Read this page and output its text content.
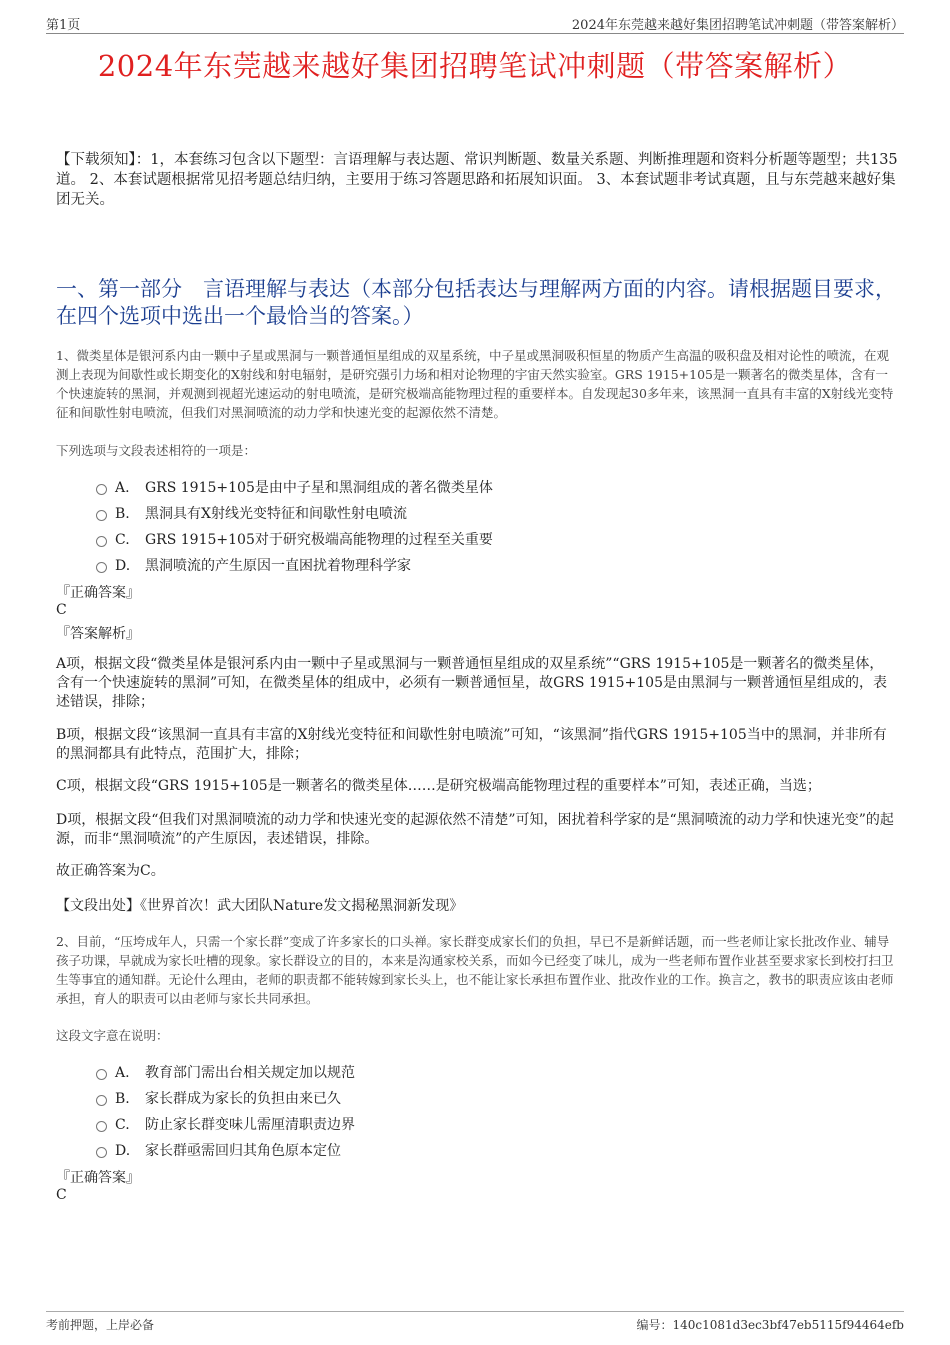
第1页	2024年东莞越来越好集团招聘笔试冲刺题（带答案解析）
2024年东莞越来越好集团招聘笔试冲刺题（带答案解析）
【下载须知】：1，本套练习包含以下题型：言语理解与表达题、常识判断题、数量关系题、判断推理题和资料分析题等题型；共135道。 2、本套试题根据常见招考题总结归纳，主要用于练习答题思路和拓展知识面。 3、本套试题非考试真题，且与东莞越来越好集团无关。
一、第一部分　言语理解与表达（本部分包括表达与理解两方面的内容。请根据题目要求，在四个选项中选出一个最恰当的答案。）
1、微类星体是银河系内由一颗中子星或黑洞与一颗普通恒星组成的双星系统，中子星或黑洞吸积恒星的物质产生高温的吸积盘及相对论性的喷流，在观测上表现为间歇性或长期变化的X射线和射电辐射，是研究强引力场和相对论物理的宇宙天然实验室。GRS 1915+105是一颗著名的微类星体，含有一个快速旋转的黑洞，并观测到视超光速运动的射电喷流，是研究极端高能物理过程的重要样本。自发现起30多年来，该黑洞一直具有丰富的X射线光变特征和间歇性射电喷流，但我们对黑洞喷流的动力学和快速光变的起源依然不清楚。
下列选项与文段表述相符的一项是：
A. GRS 1915+105是由中子星和黑洞组成的著名微类星体
B. 黑洞具有X射线光变特征和间歇性射电喷流
C. GRS 1915+105对于研究极端高能物理的过程至关重要
D. 黑洞喷流的产生原因一直困扰着物理科学家
『正确答案』
C
『答案解析』
A项，根据文段“微类星体是银河系内由一颗中子星或黑洞与一颗普通恒星组成的双星系统”“GRS 1915+105是一颗著名的微类星体，含有一个快速旋转的黑洞”可知，在微类星体的组成中，必须有一颗普通恒星，故GRS 1915+105是由黑洞与一颗普通恒星组成的，表述错误，排除；
B项，根据文段“该黑洞一直具有丰富的X射线光变特征和间歇性射电喷流”可知，“该黑洞”指代GRS 1915+105当中的黑洞，并非所有的黑洞都具有此特点，范围扩大，排除；
C项，根据文段“GRS 1915+105是一颗著名的微类星体……是研究极端高能物理过程的重要样本”可知，表述正确，当选；
D项，根据文段“但我们对黑洞喷流的动力学和快速光变的起源依然不清楚”可知，困扰着科学家的是“黑洞喷流的动力学和快速光变”的起源，而非“黑洞喷流”的产生原因，表述错误，排除。
故正确答案为C。
【文段出处】《世界首次！武大团队Nature发文揭秘黑洞新发现》
2、目前，“压垮成年人，只需一个家长群”变成了许多家长的口头禅。家长群变成家长们的负担，早已不是新鲜话题，而一些老师让家长批改作业、辅导孩子功课，早就成为家长吐槽的现象。家长群设立的目的，本来是沟通家校关系，而如今已经变了味儿，成为一些老师布置作业甚至要求家长到校打扫卫生等事宜的通知群。无论什么理由，老师的职责都不能转嫁到家长头上，也不能让家长承担布置作业、批改作业的工作。换言之，教书的职责应该由老师承担，育人的职责可以由老师与家长共同承担。
这段文字意在说明：
A. 教育部门需出台相关规定加以规范
B. 家长群成为家长的负担由来已久
C. 防止家长群变味儿需厘清职责边界
D. 家长群亟需回归其角色原本定位
『正确答案』
C
考前押题，上岸必备	编号：140c1081d3ec3bf47eb5115f94464efb
